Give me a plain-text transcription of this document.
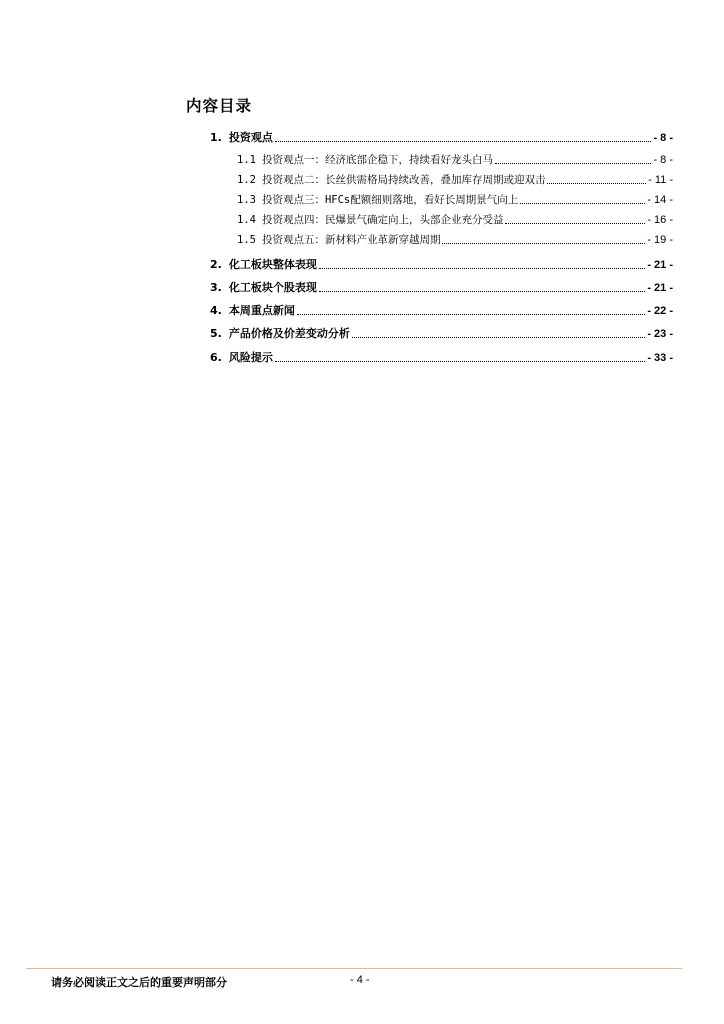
内容目录
1. 投资观点	- 8 -
1.1 投资观点一：经济底部企稳下，持续看好龙头白马	- 8 -
1.2 投资观点二：长丝供需格局持续改善，叠加库存周期或迎双击	- 11 -
1.3 投资观点三：HFCs配额细则落地，看好长周期景气向上	- 14 -
1.4 投资观点四：民爆景气确定向上，头部企业充分受益	- 16 -
1.5 投资观点五：新材料产业革新穿越周期	- 19 -
2. 化工板块整体表现	- 21 -
3. 化工板块个股表现	- 21 -
4. 本周重点新闻	- 22 -
5. 产品价格及价差变动分析	- 23 -
6. 风险提示	- 33 -
请务必阅读正文之后的重要声明部分	- 4 -
